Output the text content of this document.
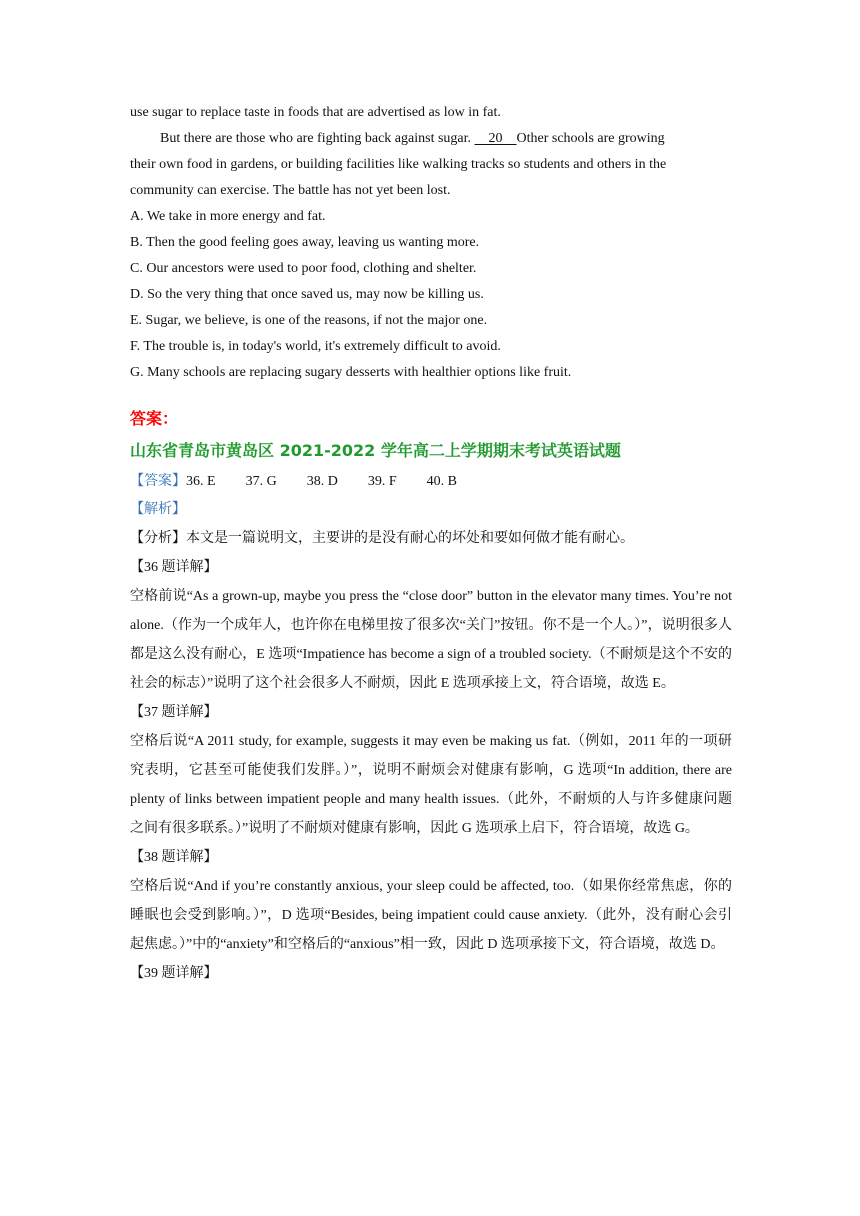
use sugar to replace taste in foods that are advertised as low in fat.
But there are those who are fighting back against sugar. 20 Other schools are growing
their own food in gardens, or building facilities like walking tracks so students and others in the
community can exercise. The battle has not yet been lost.
A. We take in more energy and fat.
B. Then the good feeling goes away, leaving us wanting more.
C. Our ancestors were used to poor food, clothing and shelter.
D. So the very thing that once saved us, may now be killing us.
E. Sugar, we believe, is one of the reasons, if not the major one.
F. The trouble is, in today's world, it's extremely difficult to avoid.
G. Many schools are replacing sugary desserts with healthier options like fruit.
答案：
山东省青岛市黄岛区 2021-2022 学年高二上学期期末考试英语试题
【答案】36. E 37. G 38. D 39. F 40. B
【解析】
【分析】本文是一篇说明文，主要讲的是没有耐心的坏处和要如何做才能有耐心。
【36 题详解】
空格前说“As a grown-up, maybe you press the “close door” button in the elevator many times. You’re not alone.（作为一个成年人，也许你在电梯里按了很多次“关门”按钮。你不是一个人。）”，说明很多人都是这么没有耐心，E 选项“Impatience has become a sign of a troubled society.（不耐烦是这个不安的社会的标志）”说明了这个社会很多人不耐烦，因此 E 选项承接上文，符合语境，故选 E。
【37 题详解】
空格后说“A 2011 study, for example, suggests it may even be making us fat.（例如，2011 年的一项研究表明，它甚至可能使我们发胖。）”，说明不耐烦会对健康有影响，G 选项“In addition, there are plenty of links between impatient people and many health issues.（此外，不耐烦的人与许多健康问题之间有很多联系。）”说明了不耐烦对健康有影响，因此 G 选项承上启下，符合语境，故选 G。
【38 题详解】
空格后说“And if you’re constantly anxious, your sleep could be affected, too.（如果你经常焦虑，你的睡眠也会受到影响。）”，D 选项“Besides, being impatient could cause anxiety.（此外，没有耐心会引起焦虑。）”中的“anxiety”和空格后的“anxious”相一致，因此 D 选项承接下文，符合语境，故选 D。
【39 题详解】
